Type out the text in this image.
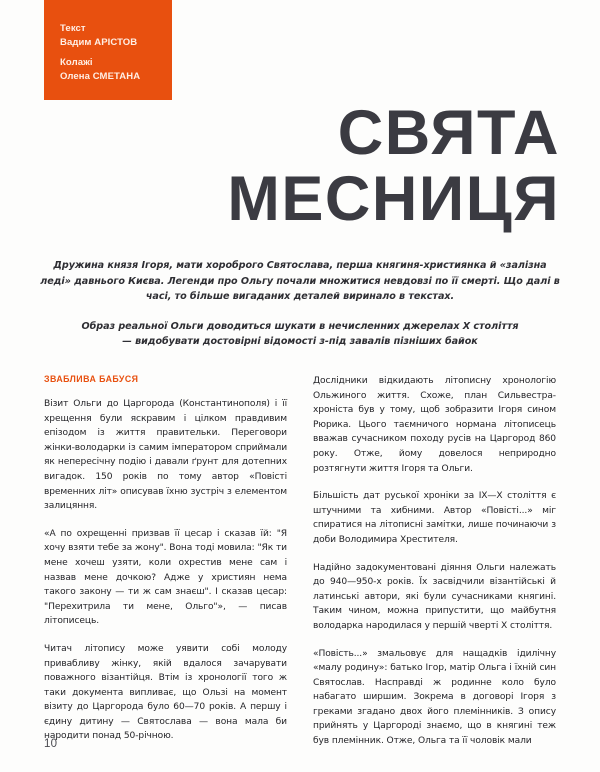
Текст
Вадим АРІСТОВ
Колажі
Олена СМЕТАНА
СВЯТА
МЕСНИЦЯ

Дружина князя Ігоря, мати хороброго Святослава, перша княгиня-християнка й «залізна леді» давнього Києва. Легенди про Ольгу почали множитися невдовзі по її смерті. Що далі в часі, то більше вигаданих деталей виринало в текстах.

Образ реальної Ольги доводиться шукати в нечисленних джерелах X століття — видобувати достовірні відомості з-під завалів пізніших байок

ЗВАБЛИВА БАБУСЯ

Візит Ольги до Царгорода (Константинополя) і її хрещення були яскравим і цілком правдивим епізодом із життя правительки. Переговори жінки-володарки із самим імператором сприймали як непересічну подію і давали ґрунт для дотепних вигадок. 150 років по тому автор «Повісті временних літ» описував їхню зустріч з елементом залицяння.

«А по охрещенні призвав її цесар і сказав їй: "Я хочу взяти тебе за жону". Вона тоді мовила: "Як ти мене хочеш узяти, коли охрестив мене сам і назвав мене дочкою? Адже у християн нема такого закону — ти ж сам знаєш". І сказав цесар: "Перехитрила ти мене, Ольго"», — писав літописець.

Читач літопису може уявити собі молоду привабливу жінку, якій вдалося зачарувати поважного візантійця. Втім із хронології того ж таки документа випливає, що Ользі на момент візиту до Царгорода було 60—70 років. А першу і єдину дитину — Святослава — вона мала би народити понад 50-річною.

Дослідники відкидають літописну хронологію Ольжиного життя. Схоже, план Сильвестра-хроніста був у тому, щоб зобразити Ігоря сином Рюрика. Цього таємничого нормана літописець вважав сучасником походу русів на Царгород 860 року. Отже, йому довелося неприродно розтягнути життя Ігоря та Ольги.

Більшість дат руської хроніки за IX—X століття є штучними та хибними. Автор «Повісті...» міг спиратися на літописні замітки, лише починаючи з доби Володимира Хрестителя.

Надійно задокументовані діяння Ольги належать до 940—950-х років. Їх засвідчили візантійські й латинські автори, які були сучасниками княгині. Таким чином, можна припустити, що майбутня володарка народилася у першій чверті X століття.

«Повість...» змальовує для нащадків ідилічну «малу родину»: батько Ігор, матір Ольга і їхній син Святослав. Насправді ж родинне коло було набагато ширшим. Зокрема в договорі Ігоря з греками згадано двох його племінників. З опису прийнять у Царгороді знаємо, що в княгині теж був племінник. Отже, Ольга та її чоловік мали

10
